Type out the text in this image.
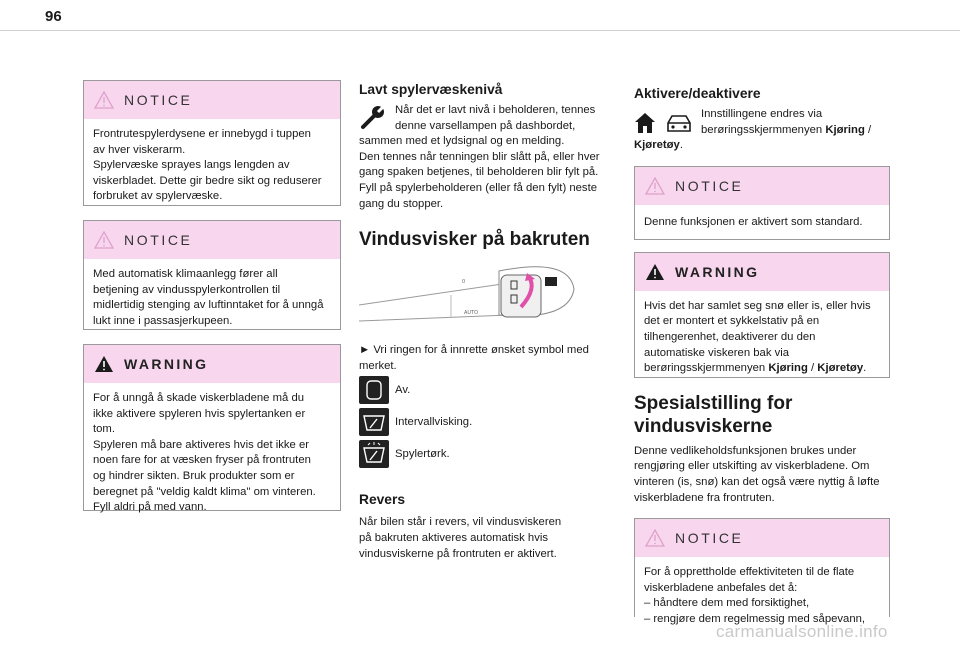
96
NOTICE

Frontrutespylerdysene er innebygd i tuppen

av hver viskerarm.

Spylervæske sprayes langs lengden av

viskerbladet. Dette gir bedre sikt og reduserer

forbruket av spylervæske.

NOTICE

Med automatisk klimaanlegg fører all

betjening av vindusspylerkontrollen til

midlertidig stenging av luftinntaket for å unngå

lukt inne i passasjerkupeen.

WARNING

For å unngå å skade viskerbladene må du

ikke aktivere spyleren hvis spylertanken er

tom.

Spyleren må bare aktiveres hvis det ikke er

noen fare for at væsken fryser på frontruten

og hindrer sikten. Bruk produkter som er

beregnet på "veldig kaldt klima" om vinteren.

Fyll aldri på med vann.

Lavt spylervæskenivå

Når det er lavt nivå i beholderen, tennes

denne varsellampen på dashbordet,

sammen med et lydsignal og en melding.

Den tennes når tenningen blir slått på, eller hver

gang spaken betjenes, til beholderen blir fylt på.

Fyll på spylerbeholderen (eller få den fylt) neste

gang du stopper.

Vindusvisker på bakruten
0
AUTO

► Vri ringen for å innrette ønsket symbol med

merket.

Av.
Intervallvisking.
Spylertørk.
Revers

Når bilen står i revers, vil vindusviskeren

på bakruten aktiveres automatisk hvis

vindusviskerne på frontruten er aktivert.

Aktivere/deaktivere

Innstillingene endres via

berøringsskjermmenyen Kjøring /

Kjøretøy.

NOTICE

Denne funksjonen er aktivert som standard.

WARNING

Hvis det har samlet seg snø eller is, eller hvis

det er montert et sykkelstativ på en

tilhengerenhet, deaktiverer du den

automatiske viskeren bak via

berøringsskjermmenyen Kjøring / Kjøretøy.

Spesialstilling for
vindusviskerne

Denne vedlikeholdsfunksjonen brukes under

rengjøring eller utskifting av viskerbladene. Om

vinteren (is, snø) kan det også være nyttig å løfte

viskerbladene fra frontruten.

NOTICE

For å opprettholde effektiviteten til de flate

viskerbladene anbefales det å:

– håndtere dem med forsiktighet,

– rengjøre dem regelmessig med såpevann,

carmanualsonline.info
